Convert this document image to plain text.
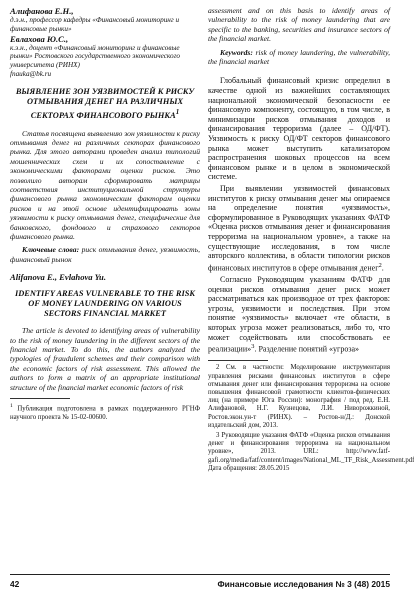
Алифанова Е.Н.,
д.э.н., профессор кафедры «Финансовый мониторинг и финансовые рынки»
Евлахова Ю.С.,
к.э.н., доцент «Финансовый мониторинг и финансовые рынки» Ростовского государственного экономического университета (РИНХ)
fnauka@bk.ru
ВЫЯВЛЕНИЕ ЗОН УЯЗВИМОСТЕЙ К РИСКУ ОТМЫВАНИЯ ДЕНЕГ НА РАЗЛИЧНЫХ СЕКТОРАХ ФИНАНСОВОГО РЫНКА$^1$

Статья посвящена выявлению зон уязвимости к риску отмывания денег на различных секторах финансового рынка. Для этого авторами проведен анализ типологий мошеннических схем и их сопоставление с экономическими факторами оценки рисков. Это позволило авторам сформировать матрицы соответствия институциональной структуры финансового рынка экономическим факторам оценки рисков и на этой основе идентифицировать зоны уязвимости к риску отмывания денег, специфические для банковского, фондового и страхового секторов финансового рынка.

Ключевые слова: риск отмывания денег, уязвимость, финансовый рынок

Alifanova E., Evlahova Yu.
IDENTIFY AREAS VULNERABLE TO THE RISK OF MONEY LAUNDERING ON VARIOUS SECTORS FINANCIAL MARKET

The article is devoted to identifying areas of vulnerability to the risk of money laundering in the different sectors of the financial market. To do this, the authors analyzed the typologies of fraudulent schemes and their comparison with the economic factors of risk assessment. This allowed the authors to form a matrix of an appropriate institutional structure of the financial market economic factors of risk

$^1$ Публикация подготовлена в рамках поддержанного РГНФ научного проекта № 15-02-00600.

assessment and on this basis to identify areas of vulnerability to the risk of money laundering that are specific to the banking, securities and insurance sectors of the financial market.

Keywords: risk of money laundering, the vulnerability, the financial market

Глобальный финансовый кризис определил в качестве одной из важнейших составляющих национальной экономической безопасности ее финансовую компоненту, состоящую, в том числе, в минимизации рисков отмывания доходов и финансирования терроризма (далее – ОД/ФТ). Уязвимость к риску ОД/ФТ секторов финансового рынка может выступить катализатором распространения шоковых процессов на всем финансовом рынке и в целом в экономической системе.

При выявлении уязвимостей финансовых институтов к риску отмывания денег мы опираемся на определение понятия «уязвимость», сформулированное в Руководящих указаниях ФАТФ «Оценка рисков отмывания денег и финансирования терроризма на национальном уровне», а также на существующие исследования, в том числе авторского коллектива, в области типологии рисков финансовых институтов в сфере отмывания денег$^2$.

Согласно Руководящим указаниям ФАТФ для оценки рисков отмывания денег риск может рассматриваться как производное от трех факторов: угрозы, уязвимости и последствия. При этом понятие «уязвимость» включает «те области, в которых угроза может реализоваться, либо то, что может содействовать или способствовать ее реализации»$^3$. Разделение понятий «угроза»

2 См. в частности: Моделирование инструментария управления рисками финансовых институтов в сфере отмывания денег или финансирования терроризма на основе повышения финансовой грамотности клиентов-физических лиц (на примере Юга России): монография / под ред. Е.Н. Алифановой, Н.Г. Кузнецова, Л.И. Ниворожкиной, Ростов.экон.ун-т (РИНХ). – Ростов-н/Д.: Донской издательский дом, 2013.
3 Руководящие указания ФАТФ «Оценка рисков отмывания денег и финансирования терроризма на национальном уровне», 2013. URL: http://www.fatf-gafi.org/media/fatf/content/images/National_ML_TF_Risk_Assessment.pdf Дата обращения: 28.05.2015
42	Финансовые исследования № 3 (48) 2015
